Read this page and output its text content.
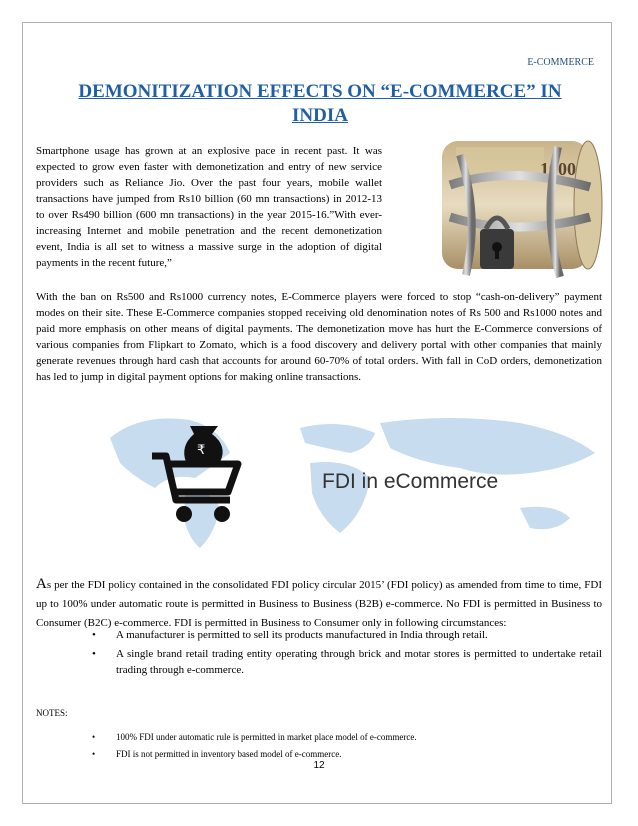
E-COMMERCE
DEMONITIZATION EFFECTS ON “E-COMMERCE” IN INDIA
Smartphone usage has grown at an explosive pace in recent past. It was expected to grow even faster with demonetization and entry of new service providers such as Reliance Jio. Over the past four years, mobile wallet transactions have jumped from Rs10 billion (60 mn transactions) in 2012-13 to over Rs490 billion (600 mn transactions) in the year 2015-16.”With ever-increasing Internet and mobile penetration and the recent demonetization event, India is all set to witness a massive surge in the adoption of digital payments in the recent future,”
1000
With the ban on Rs500 and Rs1000 currency notes, E-Commerce players were forced to stop “cash-on-delivery” payment modes on their site. These E-Commerce companies stopped receiving old denomination notes of Rs 500 and Rs1000 notes and paid more emphasis on other means of digital payments. The demonetization move has hurt the E-Commerce conversions of various companies from Flipkart to Zomato, which is a food discovery and delivery portal with other companies that mainly generate revenues through hard cash that accounts for around 60-70% of total orders. With fall in CoD orders, demonetization has led to jump in digital payment options for making online transactions.
₹
FDI in eCommerce
As per the FDI policy contained in the consolidated FDI policy circular 2015’ (FDI policy) as amended from time to time, FDI up to 100% under automatic route is permitted in Business to Business (B2B) e-commerce. No FDI is permitted in Business to Consumer (B2C) e-commerce. FDI is permitted in Business to Consumer only in following circumstances:
• A manufacturer is permitted to sell its products manufactured in India through retail.
• A single brand retail trading entity operating through brick and motar stores is permitted to undertake retail trading through e-commerce.
NOTES:
• 100% FDI under automatic rule is permitted in market place model of e-commerce.
• FDI is not permitted in inventory based model of e-commerce.
12
